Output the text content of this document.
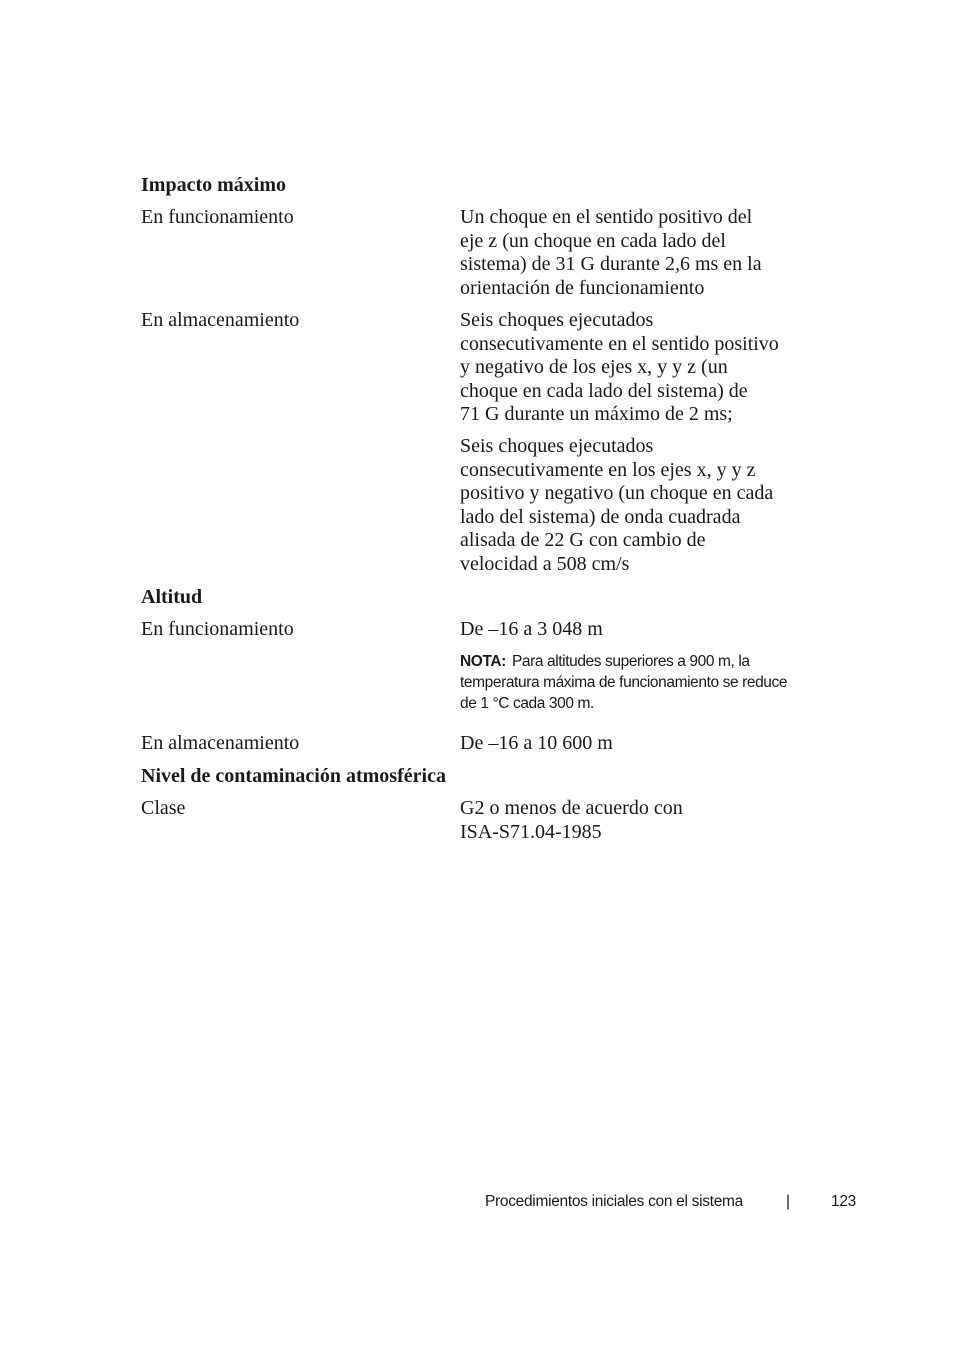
Impacto máximo
En funcionamiento	Un choque en el sentido positivo del

eje z (un choque en cada lado del

sistema) de 31 G durante 2,6 ms en la

orientación de funcionamiento

En almacenamiento	Seis choques ejecutados

consecutivamente en el sentido positivo

y negativo de los ejes x, y y z (un

choque en cada lado del sistema) de

71 G durante un máximo de 2 ms;

Seis choques ejecutados

consecutivamente en los ejes x, y y z

positivo y negativo (un choque en cada

lado del sistema) de onda cuadrada

alisada de 22 G con cambio de

velocidad a 508 cm/s

Altitud
En funcionamiento	De –16 a 3 048 m
NOTA: Para altitudes superiores a 900 m, la
temperatura máxima de funcionamiento se reduce
de 1 °C cada 300 m.
En almacenamiento	De –16 a 10 600 m
Nivel de contaminación atmosférica
Clase	G2 o menos de acuerdo con

ISA-S71.04-1985

Procedimientos iniciales con el sistema	|	123
